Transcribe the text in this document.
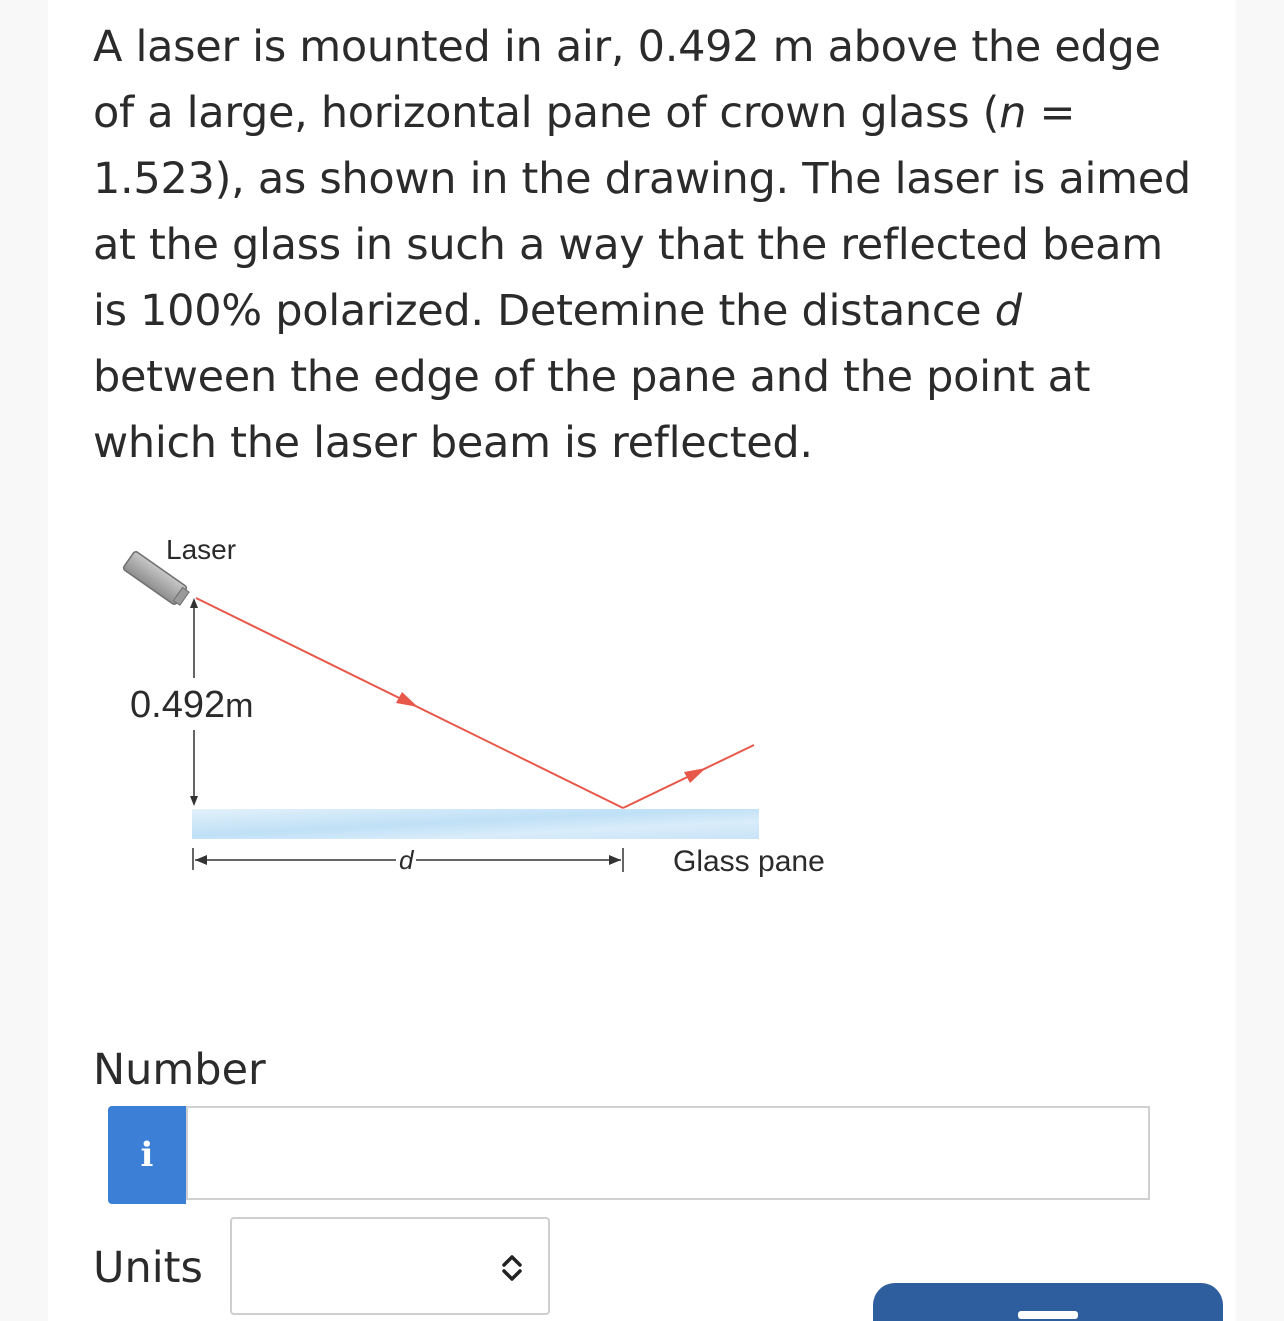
A laser is mounted in air, 0.492 m above the edge of a large, horizontal pane of crown glass (n = 1.523), as shown in the drawing. The laser is aimed at the glass in such a way that the reflected beam is 100% polarized. Detemine the distance d between the edge of the pane and the point at which the laser beam is reflected.
Laser
0.492m
d	Glass pane
Number
i
Units
